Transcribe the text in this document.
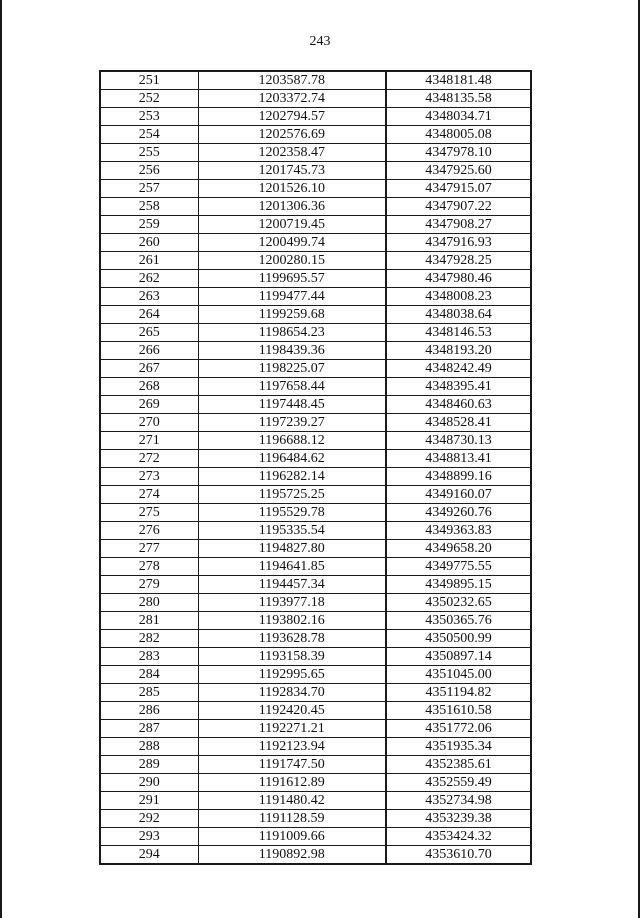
243
251	1203587.78	4348181.48
252	1203372.74	4348135.58
253	1202794.57	4348034.71
254	1202576.69	4348005.08
255	1202358.47	4347978.10
256	1201745.73	4347925.60
257	1201526.10	4347915.07
258	1201306.36	4347907.22
259	1200719.45	4347908.27
260	1200499.74	4347916.93
261	1200280.15	4347928.25
262	1199695.57	4347980.46
263	1199477.44	4348008.23
264	1199259.68	4348038.64
265	1198654.23	4348146.53
266	1198439.36	4348193.20
267	1198225.07	4348242.49
268	1197658.44	4348395.41
269	1197448.45	4348460.63
270	1197239.27	4348528.41
271	1196688.12	4348730.13
272	1196484.62	4348813.41
273	1196282.14	4348899.16
274	1195725.25	4349160.07
275	1195529.78	4349260.76
276	1195335.54	4349363.83
277	1194827.80	4349658.20
278	1194641.85	4349775.55
279	1194457.34	4349895.15
280	1193977.18	4350232.65
281	1193802.16	4350365.76
282	1193628.78	4350500.99
283	1193158.39	4350897.14
284	1192995.65	4351045.00
285	1192834.70	4351194.82
286	1192420.45	4351610.58
287	1192271.21	4351772.06
288	1192123.94	4351935.34
289	1191747.50	4352385.61
290	1191612.89	4352559.49
291	1191480.42	4352734.98
292	1191128.59	4353239.38
293	1191009.66	4353424.32
294	1190892.98	4353610.70
